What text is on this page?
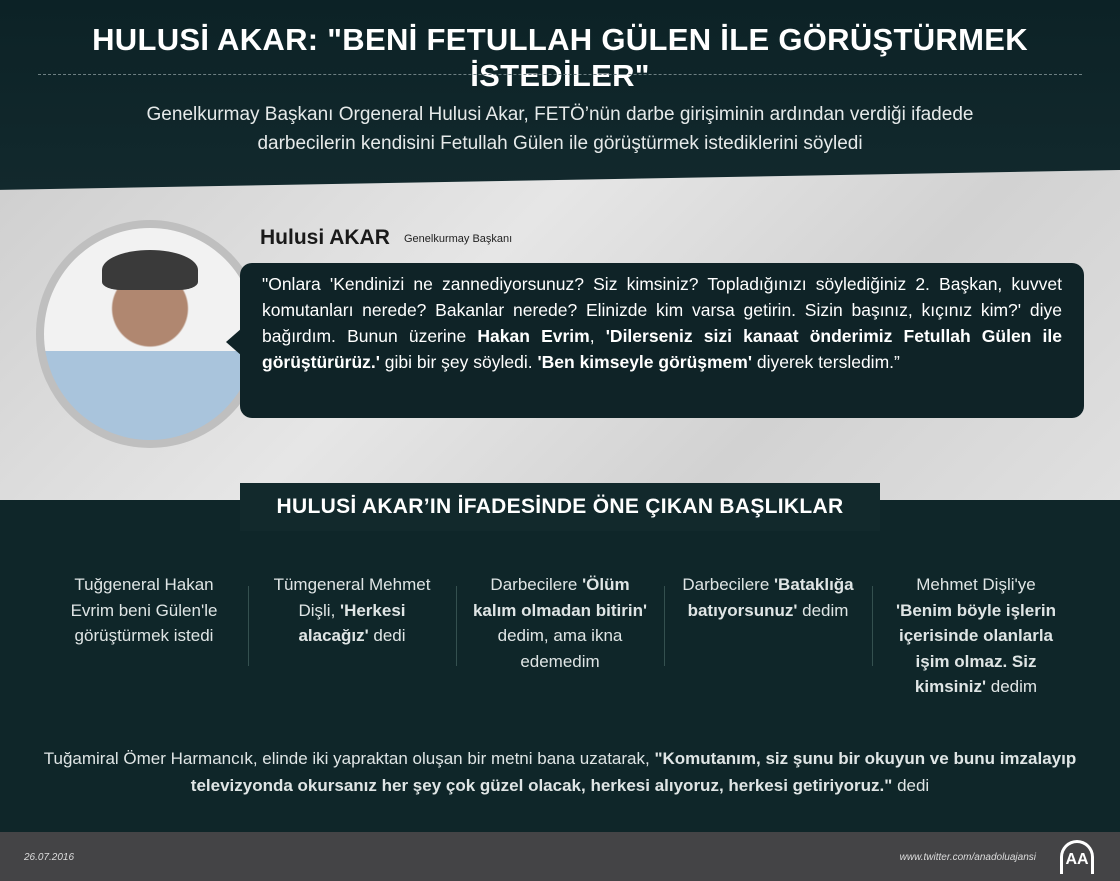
HULUSİ AKAR: "BENİ FETULLAH GÜLEN İLE GÖRÜŞTÜRMEK İSTEDİLER"
Genelkurmay Başkanı Orgeneral Hulusi Akar, FETÖ’nün darbe girişiminin ardından verdiği ifadede
darbecilerin kendisini Fetullah Gülen ile görüştürmek istediklerini söyledi
Hulusi AKAR Genelkurmay Başkanı
"Onlara 'Kendinizi ne zannediyorsunuz? Siz kimsiniz? Topladığınızı söylediğiniz 2. Başkan, kuvvet komutanları nerede? Bakanlar nerede? Elinizde kim varsa getirin. Sizin başınız, kıçınız kim?' diye bağırdım. Bunun üzerine Hakan Evrim, 'Dilerseniz sizi kanaat önderimiz Fetullah Gülen ile görüştürürüz.' gibi bir şey söyledi. 'Ben kimseyle görüşmem' diyerek tersledim.”
HULUSİ AKAR’IN İFADESİNDE ÖNE ÇIKAN BAŞLIKLAR
Tuğgeneral Hakan Evrim beni Gülen'le görüştürmek istedi
Tümgeneral Mehmet Dişli, 'Herkesi alacağız' dedi
Darbecilere 'Ölüm kalım olmadan bitirin' dedim, ama ikna edemedim
Darbecilere 'Bataklığa batıyorsunuz' dedim
Mehmet Dişli'ye 'Benim böyle işlerin içerisinde olanlarla işim olmaz. Siz kimsiniz' dedim
Tuğamiral Ömer Harmancık, elinde iki yapraktan oluşan bir metni bana uzatarak, "Komutanım, siz şunu bir okuyun ve bunu imzalayıp televizyonda okursanız her şey çok güzel olacak, herkesi alıyoruz, herkesi getiriyoruz." dedi
26.07.2016	www.twitter.com/anadoluajansi	AA
